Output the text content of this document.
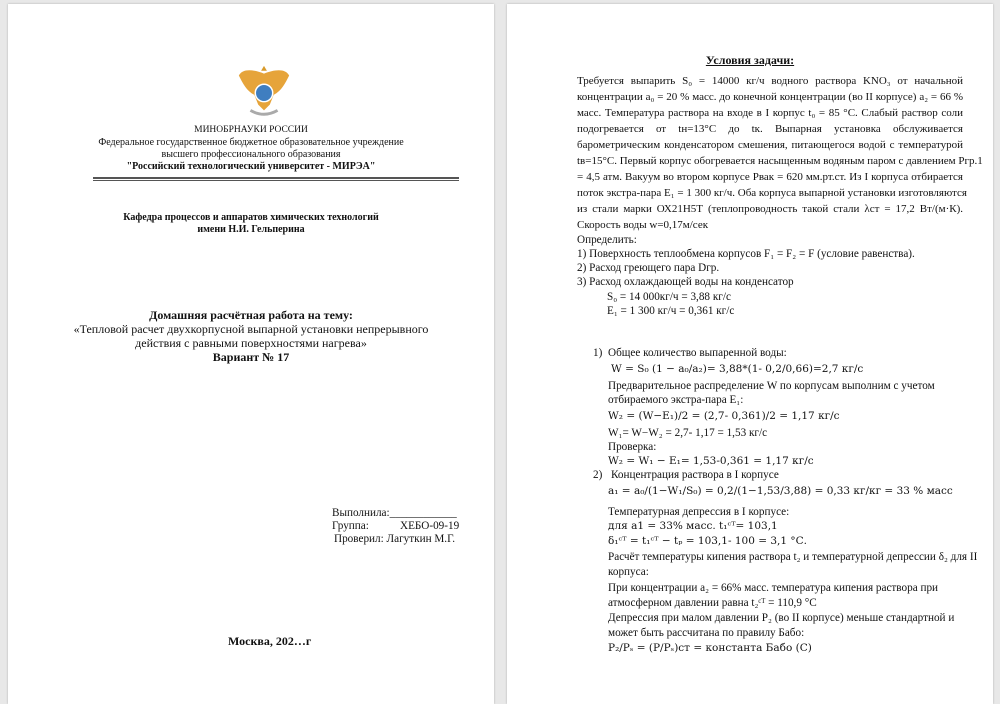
МИНОБРНАУКИ РОССИИ
Федеральное государственное бюджетное образовательное учреждение
высшего профессионального образования
"Российский технологический университет - МИРЭА"
Кафедра процессов и аппаратов химических технологий
имени Н.И. Гельперина
Домашняя расчётная работа на тему:
«Тепловой расчет двухкорпусной выпарной установки непрерывного
действия с равными поверхностями нагрева»
Вариант № 17
Выполнила:____________
Группа:	ХЕБО-09-19
Проверил: Лагуткин М.Г.
Москва, 202…г
Условия задачи:
Требуется выпарить S₀ = 14000 кг/ч водного раствора KNO₃ от начальной
концентрации a₀ = 20 % масс. до конечной концентрации (во II корпусе) a₂ = 66 %
масс. Температура раствора на входе в I корпус t₀ = 85 °С. Слабый раствор соли
подогревается от tн=13°С до tк. Выпарная установка обслуживается
барометрическим конденсатором смешения, питающегося водой с температурой
tв=15°С. Первый корпус обогревается насыщенным водяным паром с давлением Pгр.1
= 4,5 атм. Вакуум во втором корпусе Pвак = 620 мм.рт.ст. Из I корпуса отбирается
поток экстра-пара E₁ = 1 300 кг/ч. Оба корпуса выпарной установки изготовляются
из стали марки ОХ21Н5Т (теплопроводность такой стали λст = 17,2 Вт/(м·К).
Скорость воды w=0,17м/сек
Определить:
1) Поверхность теплообмена корпусов F₁ = F₂ = F (условие равенства).
2) Расход греющего пара Dгр.
3) Расход охлаждающей воды на конденсатор
S₀ = 14 000кг/ч = 3,88 кг/с
E₁ = 1 300 кг/ч = 0,361 кг/с
1) Общее количество выпаренной воды:
W = S₀ (1 − a₀/a₂)= 3,88*(1- 0,2/0,66)=2,7 кг/с
Предварительное распределение W по корпусам выполним с учетом
отбираемого экстра-пара E₁:
W₂ = (W−E₁)/2 = (2,7- 0,361)/2 = 1,17 кг/с
W₁= W−W₂ = 2,7- 1,17 = 1,53 кг/с
Проверка:
W₂ = W₁ − E₁= 1,53-0,361 = 1,17 кг/с
2) Концентрация раствора в I корпусе
a₁ = a₀/(1−W₁/S₀) = 0,2/(1−1,53/3,88) = 0,33 кг/кг = 33 % масс
Температурная депрессия в I корпусе:
для a1 = 33% масс. t₁ᶜᵀ= 103,1
δ₁ᶜᵀ = t₁ᶜᵀ − tₚ = 103,1- 100 = 3,1 °С.
Расчёт температуры кипения раствора t₂ и температурной депрессии δ₂ для II
корпуса:
При концентрации a₂ = 66% масс. температура кипения раствора при
атмосферном давлении равна t₂ᶜᵀ = 110,9 °С
Депрессия при малом давлении P₂ (во II корпусе) меньше стандартной и
может быть рассчитана по правилу Бабо:
P₂/Pₛ = (P/Pₛ)ст = константа Бабо (С)
